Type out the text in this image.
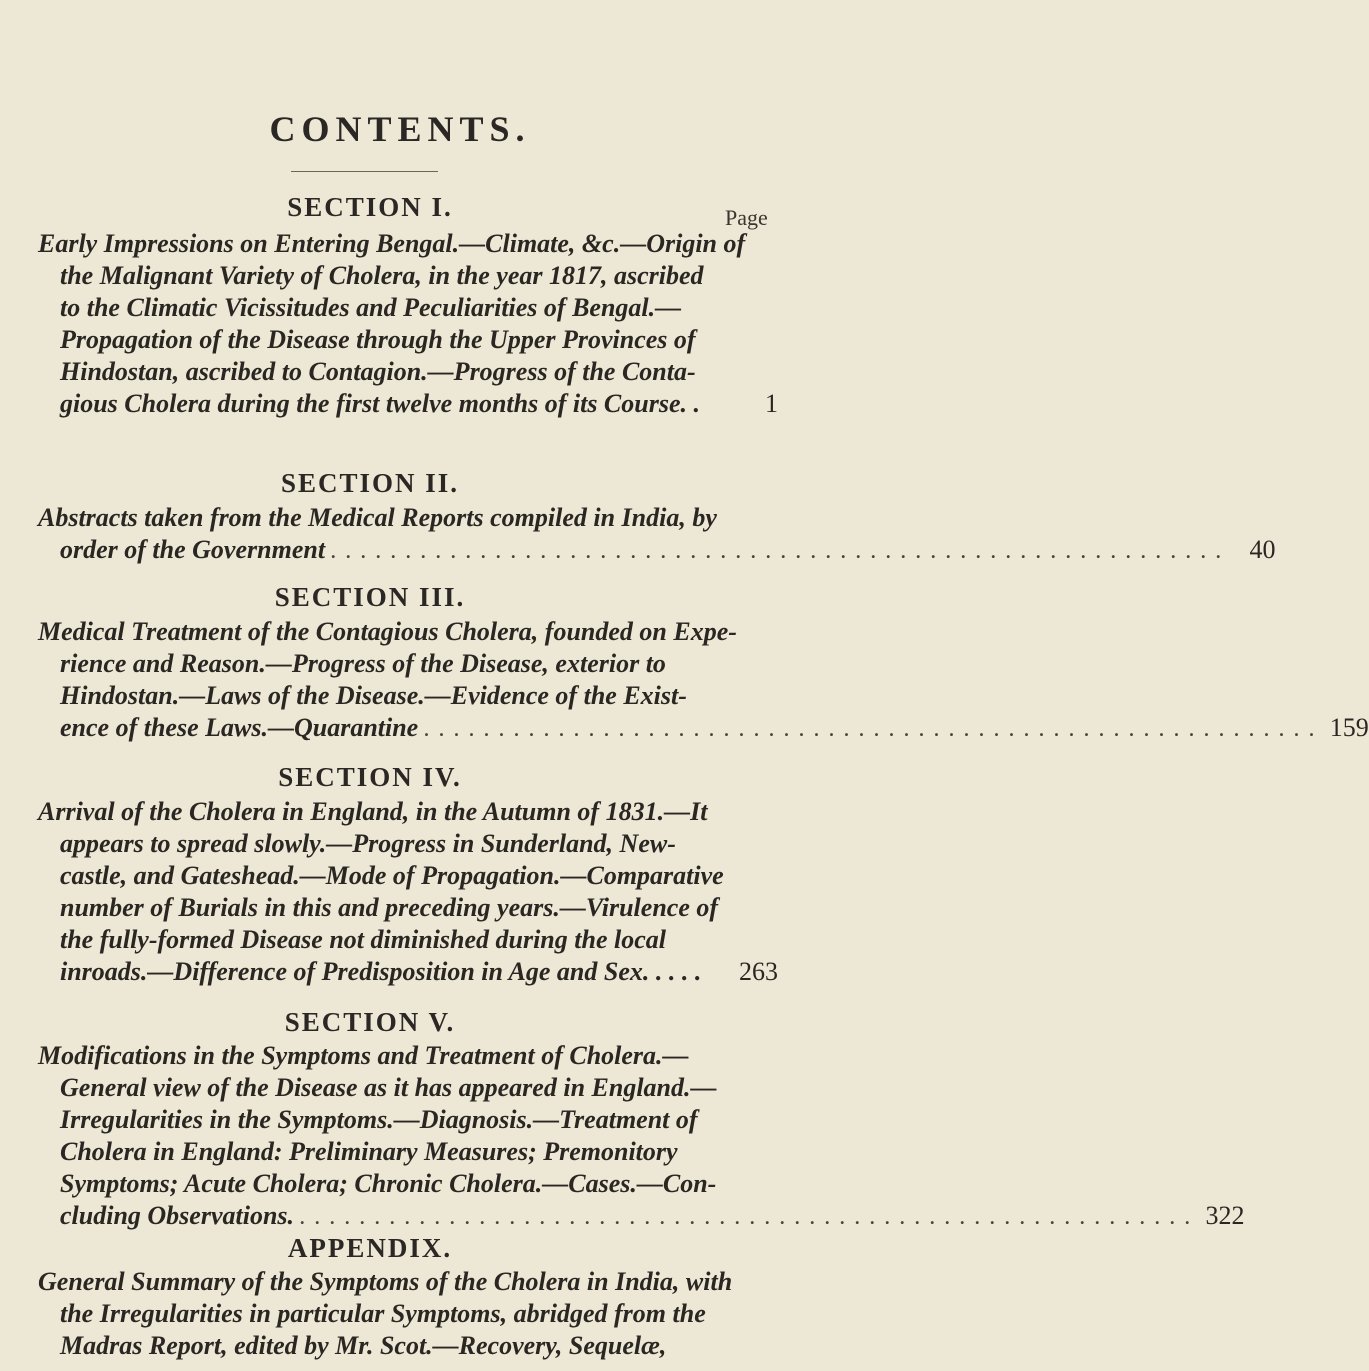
CONTENTS.
Page
SECTION I.
Early Impressions on Entering Bengal.—Climate, &c.—Origin of
the Malignant Variety of Cholera, in the year 1817, ascribed
to the Climatic Vicissitudes and Peculiarities of Bengal.—
Propagation of the Disease through the Upper Provinces of
Hindostan, ascribed to Contagion.—Progress of the Conta-
gious Cholera during the first twelve months of its Course. .	1
SECTION II.
Abstracts taken from the Medical Reports compiled in India, by
order of the Government . . . . . . . . . . . . . . . . . . . . . . . . . . . . . . . . . . . . . . . . . . . . . . . . . . . . . . . . . . . .	40
SECTION III.
Medical Treatment of the Contagious Cholera, founded on Expe-
rience and Reason.—Progress of the Disease, exterior to
Hindostan.—Laws of the Disease.—Evidence of the Exist-
ence of these Laws.—Quarantine . . . . . . . . . . . . . . . . . . . . . . . . . . . . . . . . . . . . . . . . . . . . . . . . . . . . . . . . . . . . 159
SECTION IV.
Arrival of the Cholera in England, in the Autumn of 1831.—It
appears to spread slowly.—Progress in Sunderland, New-
castle, and Gateshead.—Mode of Propagation.—Comparative
number of Burials in this and preceding years.—Virulence of
the fully-formed Disease not diminished during the local
inroads.—Difference of Predisposition in Age and Sex. . . . . 263
SECTION V.
Modifications in the Symptoms and Treatment of Cholera.—
General view of the Disease as it has appeared in England.—
Irregularities in the Symptoms.—Diagnosis.—Treatment of
Cholera in England: Preliminary Measures; Premonitory
Symptoms; Acute Cholera; Chronic Cholera.—Cases.—Con-
cluding Observations. . . . . . . . . . . . . . . . . . . . . . . . . . . . . . . . . . . . . . . . . . . . . . . . . . . . . . . . . . . . . 322
APPENDIX.
General Summary of the Symptoms of the Cholera in India, with
the Irregularities in particular Symptoms, abridged from the
Madras Report, edited by Mr. Scot.—Recovery, Sequelæ,
